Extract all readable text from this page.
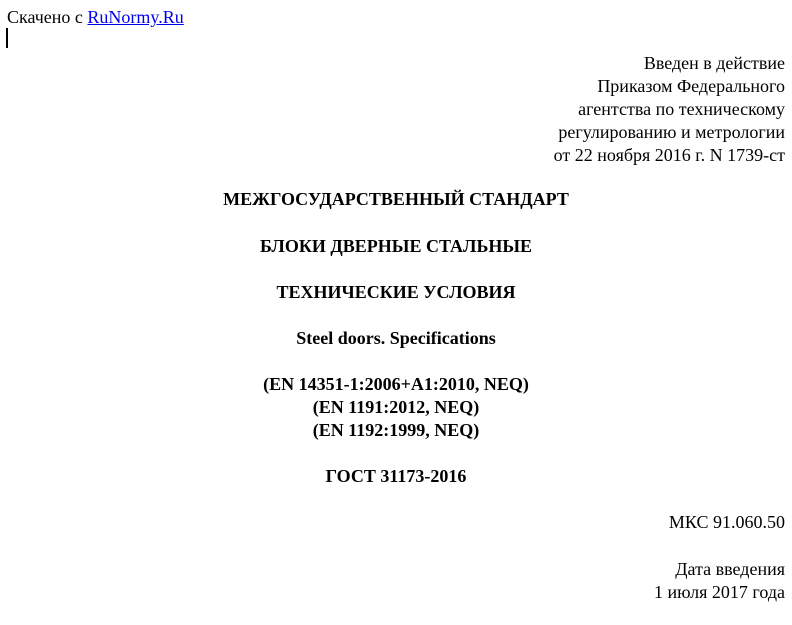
Скачено с RuNormy.Ru
Введен в действие
Приказом Федерального
агентства по техническому
регулированию и метрологии
от 22 ноября 2016 г. N 1739-ст
МЕЖГОСУДАРСТВЕННЫЙ СТАНДАРТ
БЛОКИ ДВЕРНЫЕ СТАЛЬНЫЕ
ТЕХНИЧЕСКИЕ УСЛОВИЯ
Steel doors. Specifications
(EN 14351-1:2006+A1:2010, NEQ)
(EN 1191:2012, NEQ)
(EN 1192:1999, NEQ)
ГОСТ 31173-2016
МКС 91.060.50
Дата введения
1 июля 2017 года
